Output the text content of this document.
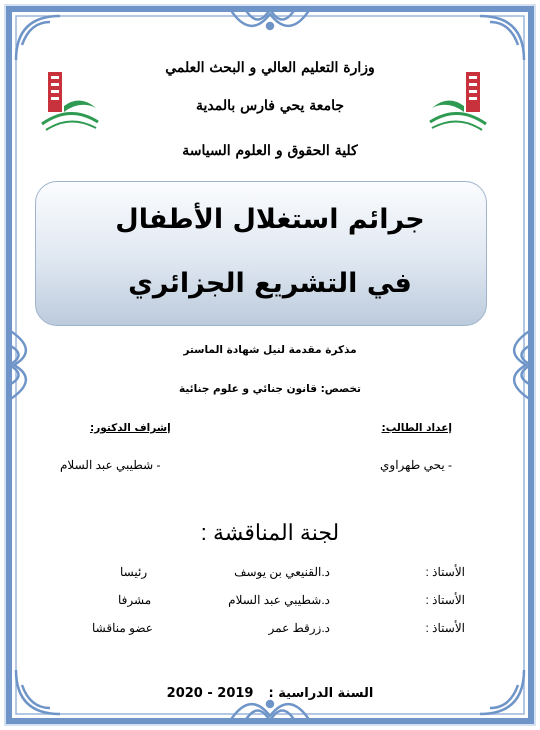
وزارة التعليم العالي و البحث العلمي
جامعة يحي فارس بالمدية
كلية الحقوق و العلوم السياسة
جرائم استغلال الأطفال
في التشريع الجزائري
مذكرة مقدمة لنيل شهادة الماستر
تخصص: قانون جنائي و علوم جنائية
إعداد الطالب:
إشراف الدكتور:
- يحي طهراوي
- شطيبي عبد السلام
لجنة المناقشة :
الأستاذ :
د.القنيعي بن يوسف
رئيسا
الأستاذ :
د.شطيبي عبد السلام
مشرفا
الأستاذ :
د.زرقط عمر
عضو مناقشا
السنة الدراسية :  2019 - 2020
